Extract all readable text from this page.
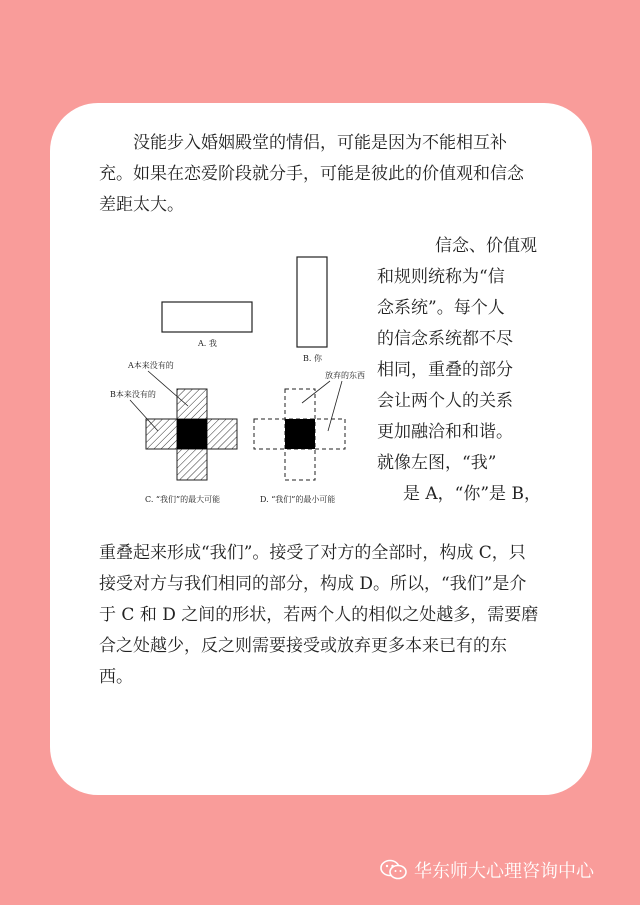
没能步入婚姻殿堂的情侣，可能是因为不能相互补
充。如果在恋爱阶段就分手，可能是彼此的价值观和信念
差距太大。

A. 我
B. 你
A本来没有的
B本来没有的
C. “我们”的最大可能
放弃的东西
D. “我们”的最小可能

信念、价值观
和规则统称为“信
念系统”。每个人
的信念系统都不尽
相同，重叠的部分
会让两个人的关系
更加融洽和和谐。
就像左图，“我”
是 A，“你”是 B，

重叠起来形成“我们”。接受了对方的全部时，构成 C，只
接受对方与我们相同的部分，构成 D。所以，“我们”是介
于 C 和 D 之间的形状，若两个人的相似之处越多，需要磨
合之处越少，反之则需要接受或放弃更多本来已有的东
西。

华东师大心理咨询中心
